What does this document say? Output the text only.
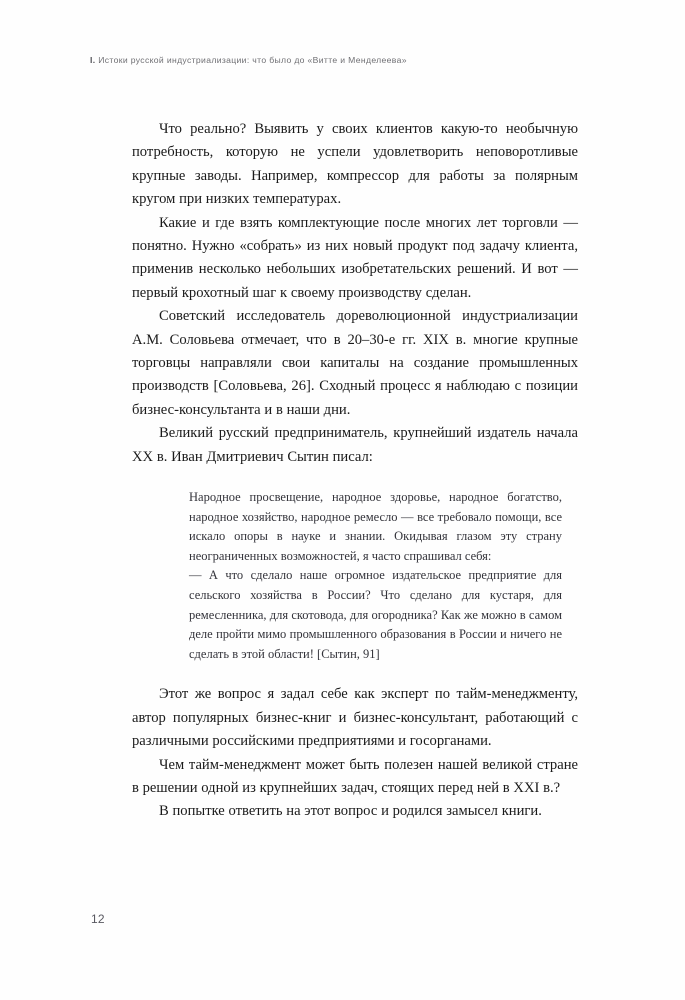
I. Истоки русской индустриализации: что было до «Витте и Менделеева»

Что реально? Выявить у своих клиентов какую-то необычную потребность, которую не успели удовлетворить неповоротливые крупные заводы. Например, компрессор для работы за полярным кругом при низких температурах.

Какие и где взять комплектующие после многих лет торговли — понятно. Нужно «собрать» из них новый продукт под задачу клиента, применив несколько небольших изобретательских решений. И вот — первый крохотный шаг к своему производству сделан.

Советский исследователь дореволюционной индустриализации А.М. Соловьева отмечает, что в 20–30-е гг. XIX в. многие крупные торговцы направляли свои капиталы на создание промышленных производств [Соловьева, 26]. Сходный процесс я наблюдаю с позиции бизнес-консультанта и в наши дни.

Великий русский предприниматель, крупнейший издатель начала XX в. Иван Дмитриевич Сытин писал:

Народное просвещение, народное здоровье, народное богатство, народное хозяйство, народное ремесло — все требовало помощи, все искало опоры в науке и знании. Окидывая глазом эту страну неограниченных возможностей, я часто спрашивал себя:

— А что сделало наше огромное издательское предприятие для сельского хозяйства в России? Что сделано для кустаря, для ремесленника, для скотовода, для огородника? Как же можно в самом деле пройти мимо промышленного образования в России и ничего не сделать в этой области! [Сытин, 91]

Этот же вопрос я задал себе как эксперт по тайм-менеджменту, автор популярных бизнес-книг и бизнес-консультант, работающий с различными российскими предприятиями и госорганами.

Чем тайм-менеджмент может быть полезен нашей великой стране в решении одной из крупнейших задач, стоящих перед ней в XXI в.?

В попытке ответить на этот вопрос и родился замысел книги.

12
